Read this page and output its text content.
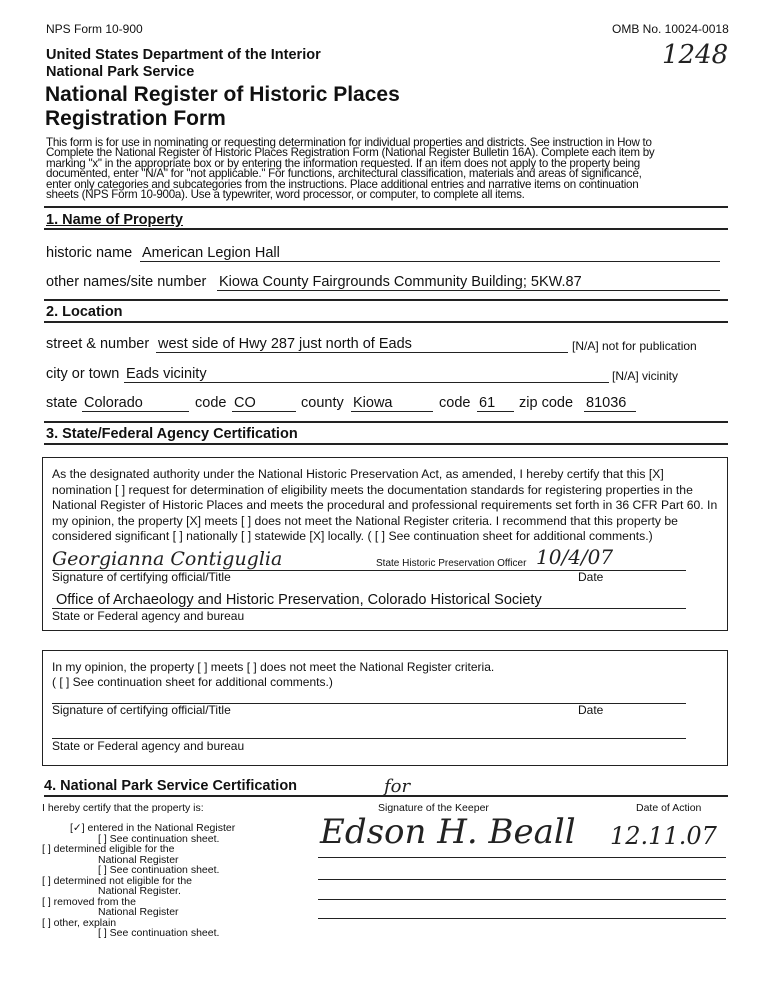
NPS Form 10-900	OMB No. 10024-0018
1248
United States Department of the Interior
National Park Service
National Register of Historic Places
Registration Form
This form is for use in nominating or requesting determination for individual properties and districts. See instruction in How to
Complete the National Register of Historic Places Registration Form (National Register Bulletin 16A). Complete each item by
marking "x" in the appropriate box or by entering the information requested. If an item does not apply to the property being
documented, enter "N/A" for "not applicable." For functions, architectural classification, materials and areas of significance,
enter only categories and subcategories from the instructions. Place additional entries and narrative items on continuation
sheets (NPS Form 10-900a). Use a typewriter, word processor, or computer, to complete all items.
1. Name of Property
historic name American Legion Hall
other names/site number Kiowa County Fairgrounds Community Building; 5KW.87
2. Location
street & number west side of Hwy 287 just north of Eads	[N/A] not for publication
city or town Eads vicinity	[N/A] vicinity
state Colorado	code CO	county Kiowa	code 61	zip code 81036
3. State/Federal Agency Certification
As the designated authority under the National Historic Preservation Act, as amended, I hereby certify that this [X]
nomination [ ] request for determination of eligibility meets the documentation standards for registering properties in the
National Register of Historic Places and meets the procedural and professional requirements set forth in 36 CFR Part 60. In
my opinion, the property [X] meets [ ] does not meet the National Register criteria. I recommend that this property be
considered significant [ ] nationally [ ] statewide [X] locally. ( [ ] See continuation sheet for additional comments.)
Georgianna Contiguglia	State Historic Preservation Officer 10/4/07
Signature of certifying official/Title	Date
Office of Archaeology and Historic Preservation, Colorado Historical Society
State or Federal agency and bureau
In my opinion, the property [ ] meets [ ] does not meet the National Register criteria.
( [ ] See continuation sheet for additional comments.)
Signature of certifying official/Title	Date
State or Federal agency and bureau
4. National Park Service Certification
I hereby certify that the property is:	Signature of the Keeper	Date of Action
for
[✓] entered in the National Register
[ ] See continuation sheet.
[ ] determined eligible for the
National Register
[ ] See continuation sheet.
[ ] determined not eligible for the
National Register.
[ ] removed from the
National Register
[ ] other, explain
[ ] See continuation sheet.
Edson H. Beall 12.11.07
